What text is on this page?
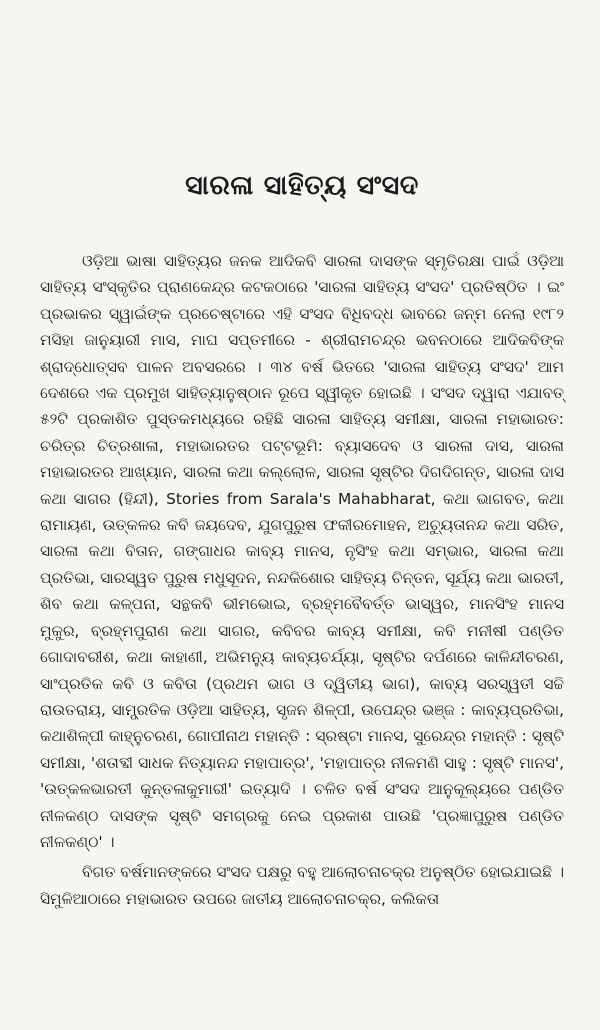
ସାରଳା ସାହିତ୍ୟ ସଂସଦ

ଓଡ଼ିଆ ଭାଷା ସାହିତ୍ୟର ଜନକ ଆଦିକବି ସାରଳା ଦାସଙ୍କ ସ୍ମୃତିରକ୍ଷା ପାଇଁ ଓଡ଼ିଆ ସାହିତ୍ୟ ସଂସ୍କୃତିର ପ୍ରାଣକେନ୍ଦ୍ର କଟକଠାରେ 'ସାରଳା ସାହିତ୍ୟ ସଂସଦ' ପ୍ରତିଷ୍ଠିତ । ଇଂ ପ୍ରଭାକର ସ୍ୱାଇଁଙ୍କ ପ୍ରଚେଷ୍ଟାରେ ଏହି ସଂସଦ ବିଧିବଦ୍ଧ ଭାବରେ ଜନ୍ମ ନେଲା ୧୯୮୨ ମସିହା ଜାନୁୟାରୀ ମାସ, ମାଘ ସପ୍ତମୀରେ - ଶ୍ରୀରାମଚନ୍ଦ୍ର ଭବନଠାରେ ଆଦିକବିଙ୍କ ଶ୍ରାଦ୍ଧୋତ୍ସବ ପାଳନ ଅବସରରେ । ୩୪ ବର୍ଷ ଭିତରେ 'ସାରଳା ସାହିତ୍ୟ ସଂସଦ' ଆମ ଦେଶରେ ଏକ ପ୍ରମୁଖ ସାହିତ୍ୟାନୁଷ୍ଠାନ ରୂପେ ସ୍ୱୀକୃତ ହୋଇଛି । ସଂସଦ ଦ୍ୱାରା ଏଯାବତ୍ ୫୨ଟି ପ୍ରକାଶିତ ପୁସ୍ତକମଧ୍ୟରେ ରହିଛି ସାରଳା ସାହିତ୍ୟ ସମୀକ୍ଷା, ସାରଳା ମହାଭାରତ: ଚରିତ୍ର ଚିତ୍ରଶାଳା, ମହାଭାରତର ପଟ୍ଟଭୂମି: ବ୍ୟାସଦେବ ଓ ସାରଳା ଦାସ, ସାରଳା ମହାଭାରତର ଆଖ୍ୟାନ, ସାରଳା କଥା କଲ୍ଲୋଳ, ସାରଳା ସୃଷ୍ଟିର ଦିଗଦିଗନ୍ତ, ସାରଳା ଦାସ କଥା ସାଗର (ହିନ୍ଦୀ), Stories from Sarala's Mahabharat, କଥା ଭାଗବତ, କଥା ରାମାୟଣ, ଉତ୍କଳର କବି ଜୟଦେବ, ଯୁଗପୁରୁଷ ଫକୀରମୋହନ, ଅଚ୍ୟୁତାନନ୍ଦ କଥା ସରିତ, ସାରଳା କଥା ବିତାନ, ଗଙ୍ଗାଧର କାବ୍ୟ ମାନସ, ନୃସିଂହ କଥା ସମ୍ଭାର, ସାରଳା କଥା ପ୍ରତିଭା, ସାରସ୍ୱତ ପୁରୁଷ ମଧୁସୂଦନ, ନନ୍ଦକିଶୋର ସାହିତ୍ୟ ଚିନ୍ତନ, ସୂର୍ଯ୍ୟ କଥା ଭାରତୀ, ଶିବ କଥା କଳ୍ପନା, ସନ୍ଥକବି ଭୀମଭୋଇ, ବ୍ରହ୍ମବୈବର୍ତ୍ତ ଭାସ୍ୱର, ମାନସିଂହ ମାନସ ମୁକୁର, ବ୍ରହ୍ମପୁରାଣ କଥା ସାଗର, କବିବର କାବ୍ୟ ସମୀକ୍ଷା, କବି ମନୀଷୀ ପଣ୍ଡିତ ଗୋଦାବରୀଶ, କଥା କାହାଣୀ, ଅଭିମନ୍ୟୁ କାବ୍ୟଚର୍ଯ୍ୟା, ସୃଷ୍ଟିର ଦର୍ପଣରେ କାଳିନ୍ଦୀଚରଣ, ସାଂପ୍ରତିକ କବି ଓ କବିତା (ପ୍ରଥମ ଭାଗ ଓ ଦ୍ୱିତୀୟ ଭାଗ), କାବ୍ୟ ସରସ୍ୱତୀ ସଚ୍ଚି ରାଉତରାୟ, ସାମ୍ପ୍ରତିକ ଓଡ଼ିଆ ସାହିତ୍ୟ, ସୃଜନ ଶିଳ୍ପୀ, ଉପେନ୍ଦ୍ର ଭଞ୍ଜ : କାବ୍ୟପ୍ରତିଭା, କଥାଶିଳ୍ପୀ କାହ୍ନୁଚରଣ, ଗୋପୀନାଥ ମହାନ୍ତି : ସ୍ରଷ୍ଟା ମାନସ, ସୁରେନ୍ଦ୍ର ମହାନ୍ତି : ସୃଷ୍ଟି ସମୀକ୍ଷା, 'ଶତାବ୍ଦୀ ସାଧକ ନିତ୍ୟାନନ୍ଦ ମହାପାତ୍ର', 'ମହାପାତ୍ର ନୀଳମଣି ସାହୁ : ସୃଷ୍ଟି ମାନସ', 'ଉତ୍କଳଭାରତୀ କୁନ୍ତଳାକୁମାରୀ' ଇତ୍ୟାଦି । ଚଳିତ ବର୍ଷ ସଂସଦ ଆନୁକୂଲ୍ୟରେ ପଣ୍ଡିତ ନୀଳକଣ୍ଠ ଦାସଙ୍କ ସୃଷ୍ଟି ସମଗ୍ରକୁ ନେଇ ପ୍ରକାଶ ପାଉଛି 'ପ୍ରଜ୍ଞାପୁରୁଷ ପଣ୍ଡିତ ନୀଳକଣ୍ଠ' ।

ବିଗତ ବର୍ଷମାନଙ୍କରେ ସଂସଦ ପକ୍ଷରୁ ବହୁ ଆଲୋଚନାଚକ୍ର ଅନୁଷ୍ଠିତ ହୋଇଯାଇଛି । ସିମୁଳିଆଠାରେ ମହାଭାରତ ଉପରେ ଜାତୀୟ ଆଲୋଚନାଚକ୍ର, କଲିକତା
